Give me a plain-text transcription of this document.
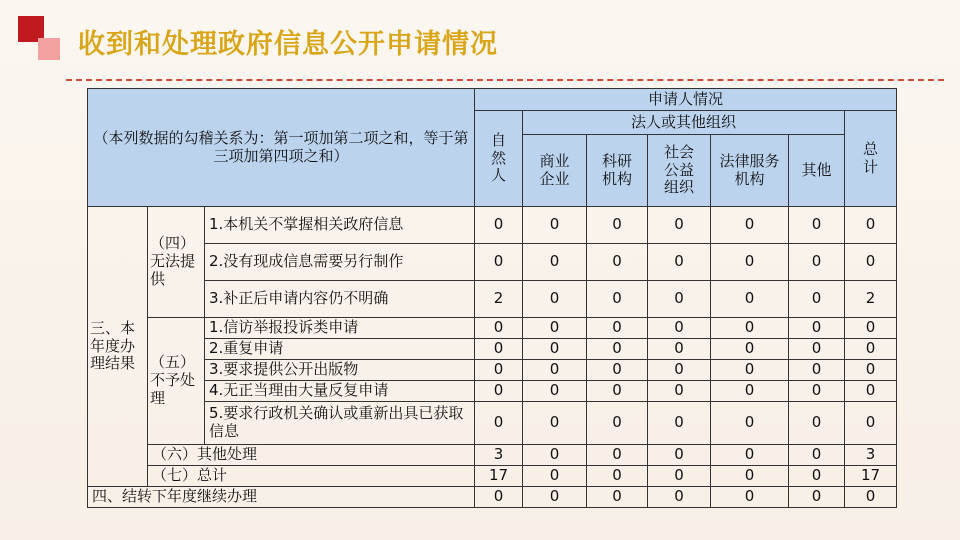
收到和处理政府信息公开申请情况
（本列数据的勾稽关系为：第一项加第二项之和，等于第三项加第四项之和）			申请人情况						
			自然人	法人或其他组织					总计
				商业企业	科研机构	社会公益组织	法律服务机构	其他	
三、本年度办理结果	（四）无法提供	1.本机关不掌握相关政府信息	0	0	0	0	0	0	0
		2.没有现成信息需要另行制作	0	0	0	0	0	0	0
		3.补正后申请内容仍不明确	2	0	0	0	0	0	2
	（五）不予处理	1.信访举报投诉类申请	0	0	0	0	0	0	0
		2.重复申请	0	0	0	0	0	0	0
		3.要求提供公开出版物	0	0	0	0	0	0	0
		4.无正当理由大量反复申请	0	0	0	0	0	0	0
		5.要求行政机关确认或重新出具已获取信息	0	0	0	0	0	0	0
	（六）其他处理		3	0	0	0	0	0	3
	（七）总计		17	0	0	0	0	0	17
四、结转下年度继续办理			0	0	0	0	0	0	0
